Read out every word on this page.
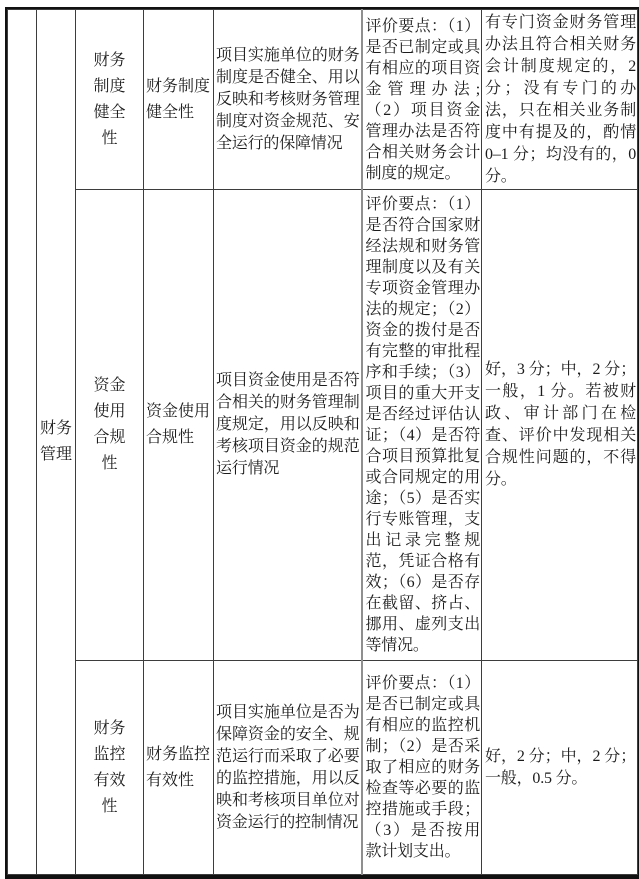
	财务管理	财务制度健全性	财务制度健全性	项目实施单位的财务制度是否健全、用以反映和考核财务管理制度对资金规范、安全运行的保障情况	评价要点：（1）是否已制定或具有相应的项目资金管理办法;（2）项目资金管理办法是否符合相关财务会计制度的规定。	有专门资金财务管理办法且符合相关财务会计制度规定的，2 分；没有专门的办法，只在相关业务制度中有提及的，酌情 0–1 分；均没有的，0 分。

		资金使用合规性	资金使用合规性	项目资金使用是否符合相关的财务管理制度规定，用以反映和考核项目资金的规范运行情况	评价要点：（1）是否符合国家财经法规和财务管理制度以及有关专项资金管理办法的规定；（2）资金的拨付是否有完整的审批程序和手续；（3）项目的重大开支是否经过评估认证；（4）是否符合项目预算批复或合同规定的用途；（5）是否实行专账管理，支出记录完整规范，凭证合格有效；（6）是否存在截留、挤占、挪用、虚列支出等情况。	好，3 分；中，2 分；一般，1 分。若被财政、审计部门在检查、评价中发现相关合规性问题的，不得分。

		财务监控有效性	财务监控有效性	项目实施单位是否为保障资金的安全、规范运行而采取了必要的监控措施，用以反映和考核项目单位对资金运行的控制情况	评价要点：（1）是否已制定或具有相应的监控机制；（2）是否采取了相应的财务检查等必要的监控措施或手段；（3）是否按用款计划支出。	好，2 分；中，2 分；一般，0.5 分。
